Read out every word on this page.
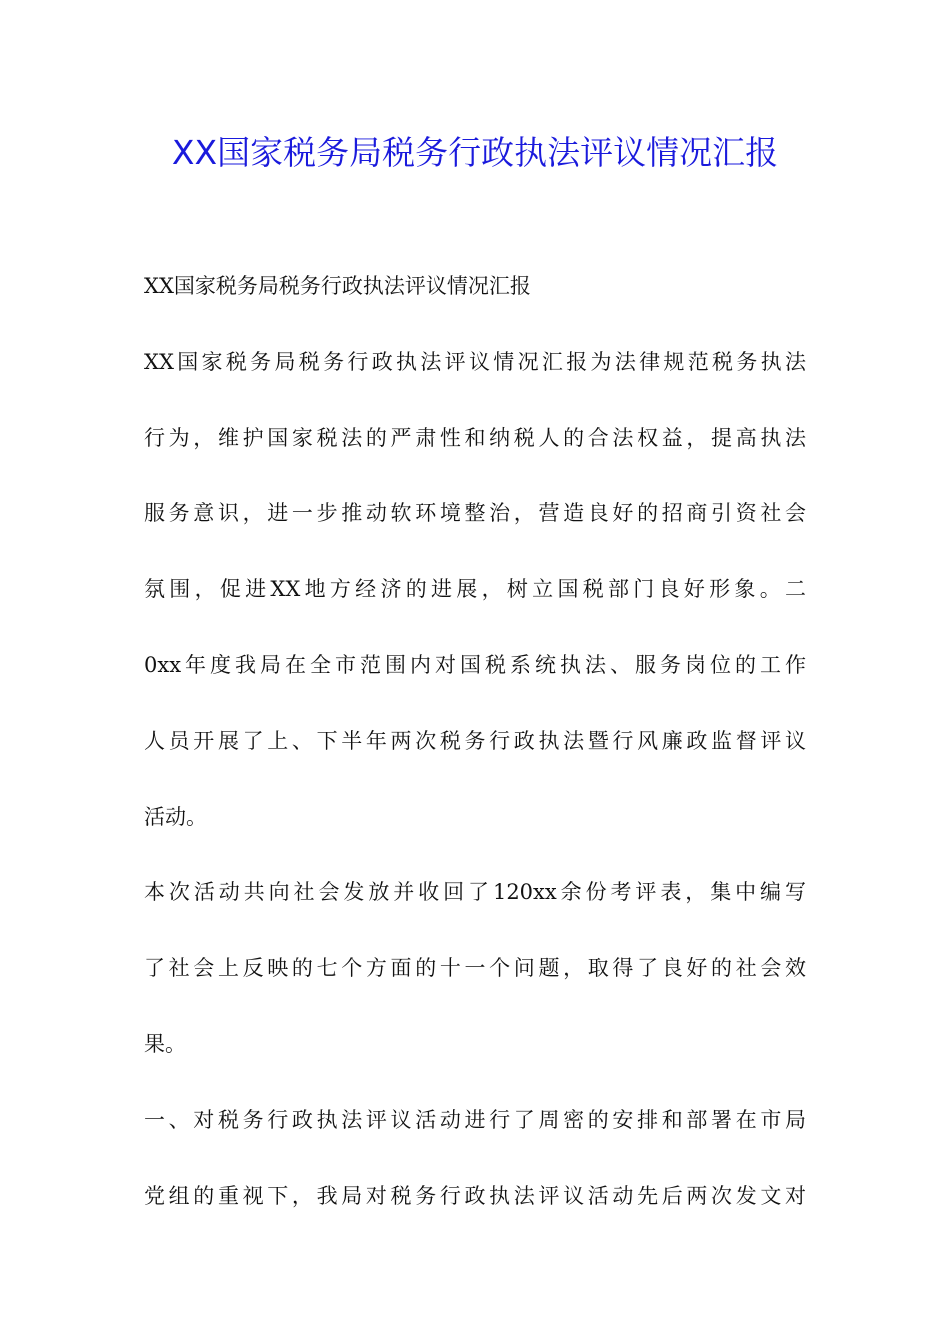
XX国家税务局税务行政执法评议情况汇报
XX国家税务局税务行政执法评议情况汇报
XX国家税务局税务行政执法评议情况汇报为法律规范税务执法
行为，维护国家税法的严肃性和纳税人的合法权益，提高执法
服务意识，进一步推动软环境整治，营造良好的招商引资社会
氛围，促进XX地方经济的进展，树立国税部门良好形象。二
0xx年度我局在全市范围内对国税系统执法、服务岗位的工作
人员开展了上、下半年两次税务行政执法暨行风廉政监督评议
活动。
本次活动共向社会发放并收回了120xx余份考评表，集中编写
了社会上反映的七个方面的十一个问题，取得了良好的社会效
果。
一、对税务行政执法评议活动进行了周密的安排和部署在市局
党组的重视下，我局对税务行政执法评议活动先后两次发文对
